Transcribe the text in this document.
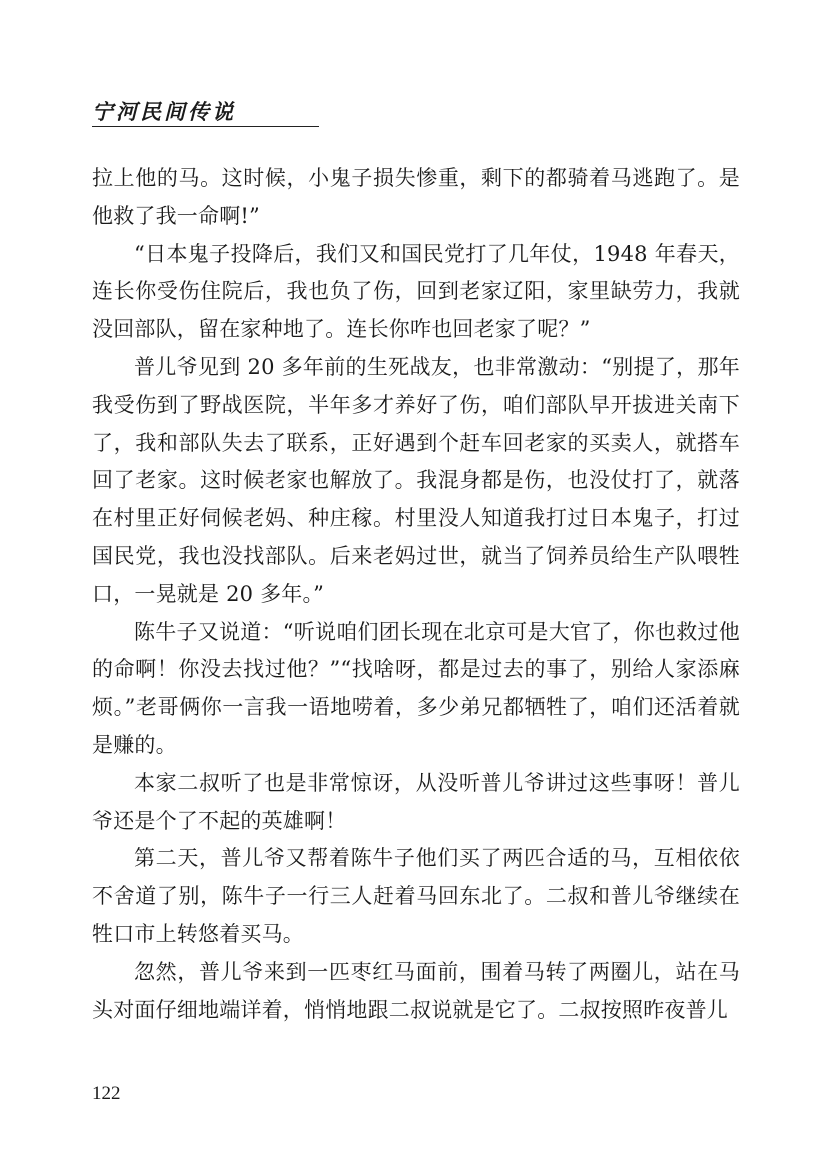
宁河民间传说

拉上他的马。这时候，小鬼子损失惨重，剩下的都骑着马逃跑了。是他救了我一命啊!”

“日本鬼子投降后，我们又和国民党打了几年仗，1948 年春天，连长你受伤住院后，我也负了伤，回到老家辽阳，家里缺劳力，我就没回部队，留在家种地了。连长你咋也回老家了呢？”

普儿爷见到 20 多年前的生死战友，也非常激动：“别提了，那年我受伤到了野战医院，半年多才养好了伤，咱们部队早开拔进关南下了，我和部队失去了联系，正好遇到个赶车回老家的买卖人，就搭车回了老家。这时候老家也解放了。我混身都是伤，也没仗打了，就落在村里正好伺候老妈、种庄稼。村里没人知道我打过日本鬼子，打过国民党，我也没找部队。后来老妈过世，就当了饲养员给生产队喂牲口，一晃就是 20 多年。”

陈牛子又说道：“听说咱们团长现在北京可是大官了，你也救过他的命啊！你没去找过他？”“找啥呀，都是过去的事了，别给人家添麻烦。”老哥俩你一言我一语地唠着，多少弟兄都牺牲了，咱们还活着就是赚的。

本家二叔听了也是非常惊讶，从没听普儿爷讲过这些事呀！普儿爷还是个了不起的英雄啊！

第二天，普儿爷又帮着陈牛子他们买了两匹合适的马，互相依依不舍道了别，陈牛子一行三人赶着马回东北了。二叔和普儿爷继续在牲口市上转悠着买马。

忽然，普儿爷来到一匹枣红马面前，围着马转了两圈儿，站在马头对面仔细地端详着，悄悄地跟二叔说就是它了。二叔按照昨夜普儿

122
